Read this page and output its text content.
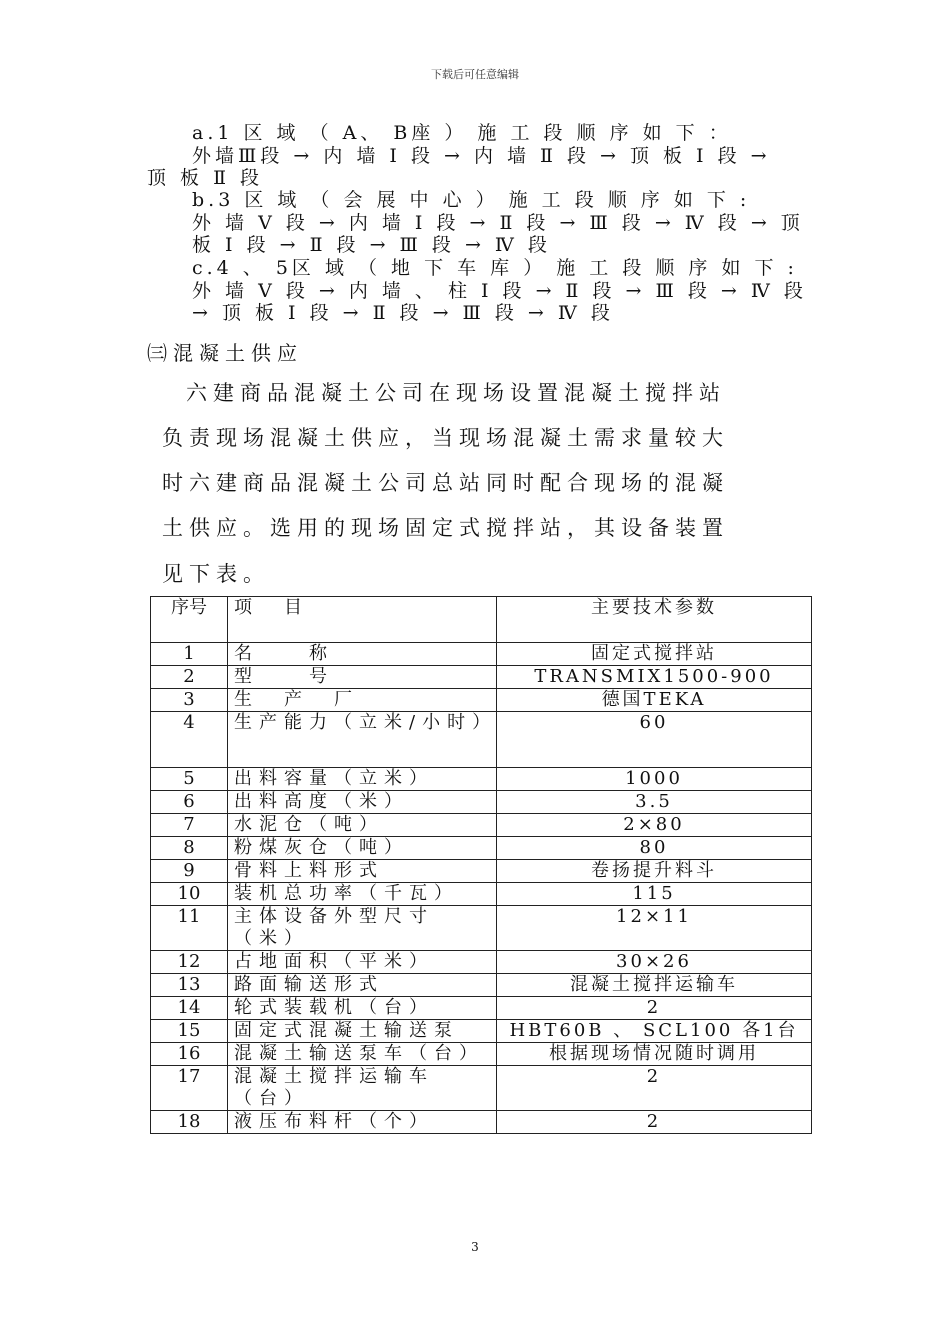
下载后可任意编辑
a.1 区 域 （ A、 B座 ） 施 工 段 顺 序 如 下 ：
外墙Ⅲ段 → 内 墙 Ⅰ 段 → 内 墙 Ⅱ 段 → 顶 板 Ⅰ 段 →
顶 板 Ⅱ 段
b.3 区 域 （ 会 展 中 心 ） 施 工 段 顺 序 如 下 :
外 墙 Ⅴ 段 → 内 墙 Ⅰ 段 → Ⅱ 段 → Ⅲ 段 → Ⅳ 段 → 顶
板 Ⅰ 段 → Ⅱ 段 → Ⅲ 段 → Ⅳ 段
c.4 、 5区 域 （ 地 下 车 库 ） 施 工 段 顺 序 如 下 :
外 墙 Ⅴ 段 → 内 墙 、 柱 Ⅰ 段 → Ⅱ 段 → Ⅲ 段 → Ⅳ 段
→ 顶 板 Ⅰ 段 → Ⅱ 段 → Ⅲ 段 → Ⅳ 段
㈢混凝土供应
六建商品混凝土公司在现场设置混凝土搅拌站
负责现场混凝土供应，当现场混凝土需求量较大
时六建商品混凝土公司总站同时配合现场的混凝
土供应。选用的现场固定式搅拌站，其设备装置
见下表。
序号	项　目	主要技术参数
1	名　　称	固定式搅拌站
2	型　　号	TRANSMIX1500-900
3	生　产　厂	德国TEKA
4	生产能力（立米/小时）	60
5	出料容量（立米）	1000
6	出料高度（米）	3.5
7	水泥仓（吨）	2×80
8	粉煤灰仓（吨）	80
9	骨料上料形式	卷扬提升料斗
10	装机总功率（千瓦）	115
11	主体设备外型尺寸（米）	12×11
12	占地面积（平米）	30×26
13	路面输送形式	混凝土搅拌运输车
14	轮式装载机（台）	2
15	固定式混凝土输送泵	HBT60B 、 SCL100 各1台
16	混凝土输送泵车（台）	根据现场情况随时调用
17	混凝土搅拌运输车（台）	2
18	液压布料杆（个）	2
3
